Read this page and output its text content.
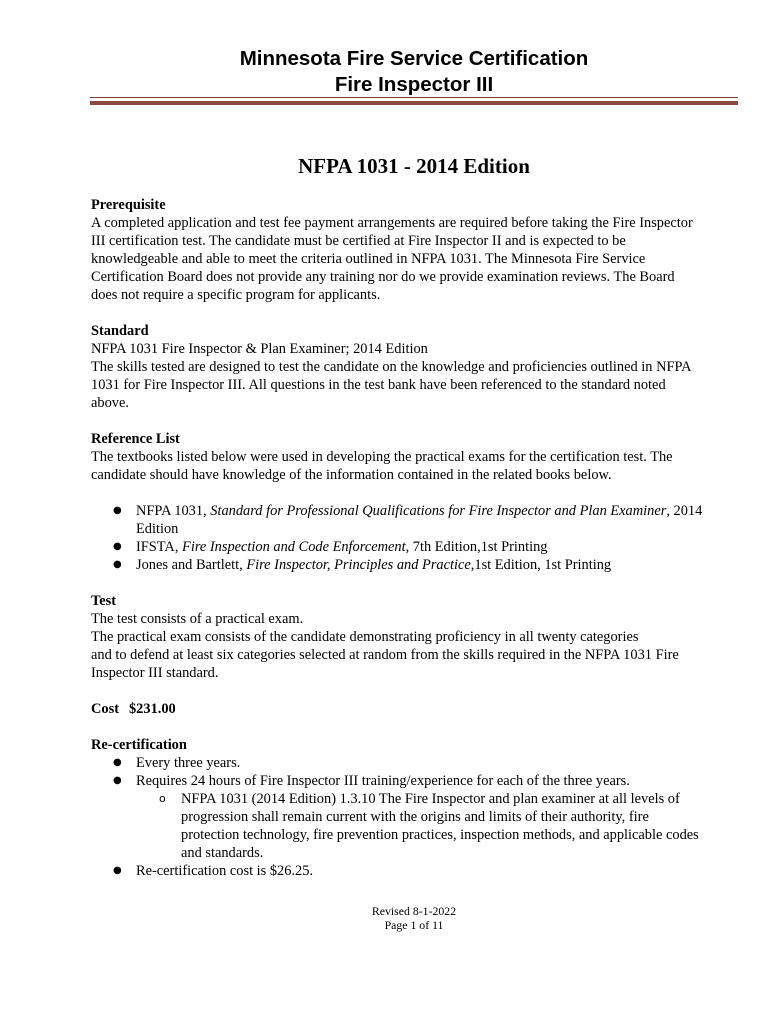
Minnesota Fire Service Certification
Fire Inspector III
NFPA 1031 - 2014 Edition

Prerequisite

A completed application and test fee payment arrangements are required before taking the Fire Inspector

III certification test. The candidate must be certified at Fire Inspector II and is expected to be

knowledgeable and able to meet the criteria outlined in NFPA 1031. The Minnesota Fire Service

Certification Board does not provide any training nor do we provide examination reviews. The Board

does not require a specific program for applicants.

Standard

NFPA 1031 Fire Inspector & Plan Examiner; 2014 Edition

The skills tested are designed to test the candidate on the knowledge and proficiencies outlined in NFPA

1031 for Fire Inspector III. All questions in the test bank have been referenced to the standard noted

above.

Reference List

The textbooks listed below were used in developing the practical exams for the certification test. The

candidate should have knowledge of the information contained in the related books below.

● NFPA 1031, Standard for Professional Qualifications for Fire Inspector and Plan Examiner, 2014
Edition
● IFSTA, Fire Inspection and Code Enforcement, 7th Edition,1st Printing
● Jones and Bartlett, Fire Inspector, Principles and Practice,1st Edition, 1st Printing

Test

The test consists of a practical exam.

The practical exam consists of the candidate demonstrating proficiency in all twenty categories

and to defend at least six categories selected at random from the skills required in the NFPA 1031 Fire

Inspector III standard.

Cost $231.00

Re-certification

● Every three years.
● Requires 24 hours of Fire Inspector III training/experience for each of the three years.
o NFPA 1031 (2014 Edition) 1.3.10 The Fire Inspector and plan examiner at all levels of
progression shall remain current with the origins and limits of their authority, fire
protection technology, fire prevention practices, inspection methods, and applicable codes
and standards.
● Re-certification cost is $26.25.
Revised 8-1-2022
Page 1 of 11
